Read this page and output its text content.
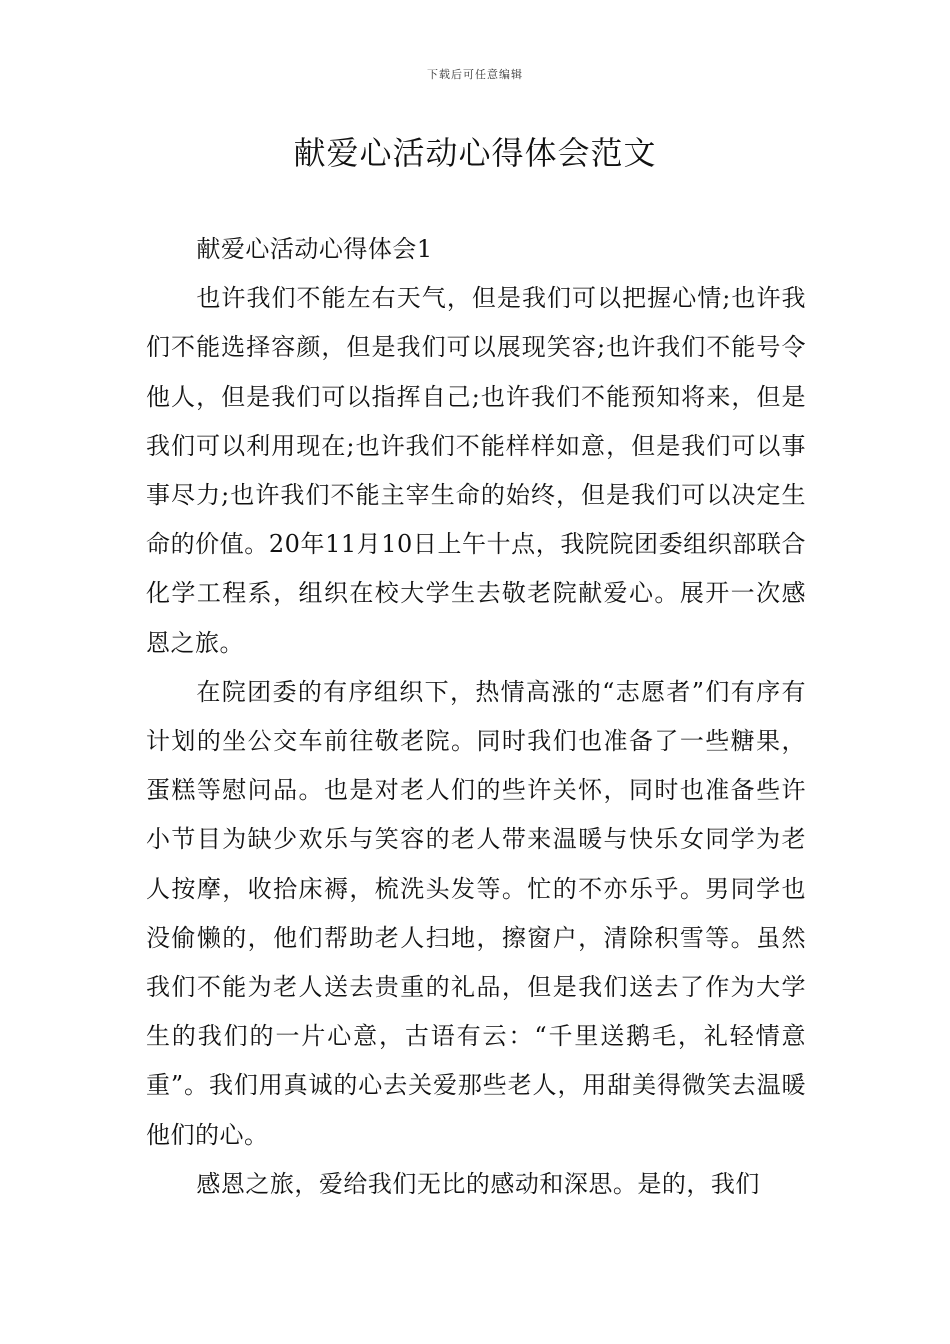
下载后可任意编辑
献爱心活动心得体会范文

献爱心活动心得体会1

也许我们不能左右天气，但是我们可以把握心情;也许我们不能选择容颜，但是我们可以展现笑容;也许我们不能号令他人，但是我们可以指挥自己;也许我们不能预知将来，但是我们可以利用现在;也许我们不能样样如意，但是我们可以事事尽力;也许我们不能主宰生命的始终，但是我们可以决定生命的价值。20年11月10日上午十点，我院院团委组织部联合化学工程系，组织在校大学生去敬老院献爱心。展开一次感恩之旅。

在院团委的有序组织下，热情高涨的“志愿者”们有序有计划的坐公交车前往敬老院。同时我们也准备了一些糖果，蛋糕等慰问品。也是对老人们的些许关怀，同时也准备些许小节目为缺少欢乐与笑容的老人带来温暖与快乐女同学为老人按摩，收拾床褥，梳洗头发等。忙的不亦乐乎。男同学也没偷懒的，他们帮助老人扫地，擦窗户，清除积雪等。虽然我们不能为老人送去贵重的礼品，但是我们送去了作为大学生的我们的一片心意，古语有云：“千里送鹅毛，礼轻情意重”。我们用真诚的心去关爱那些老人，用甜美得微笑去温暖他们的心。

感恩之旅，爱给我们无比的感动和深思。是的，我们
